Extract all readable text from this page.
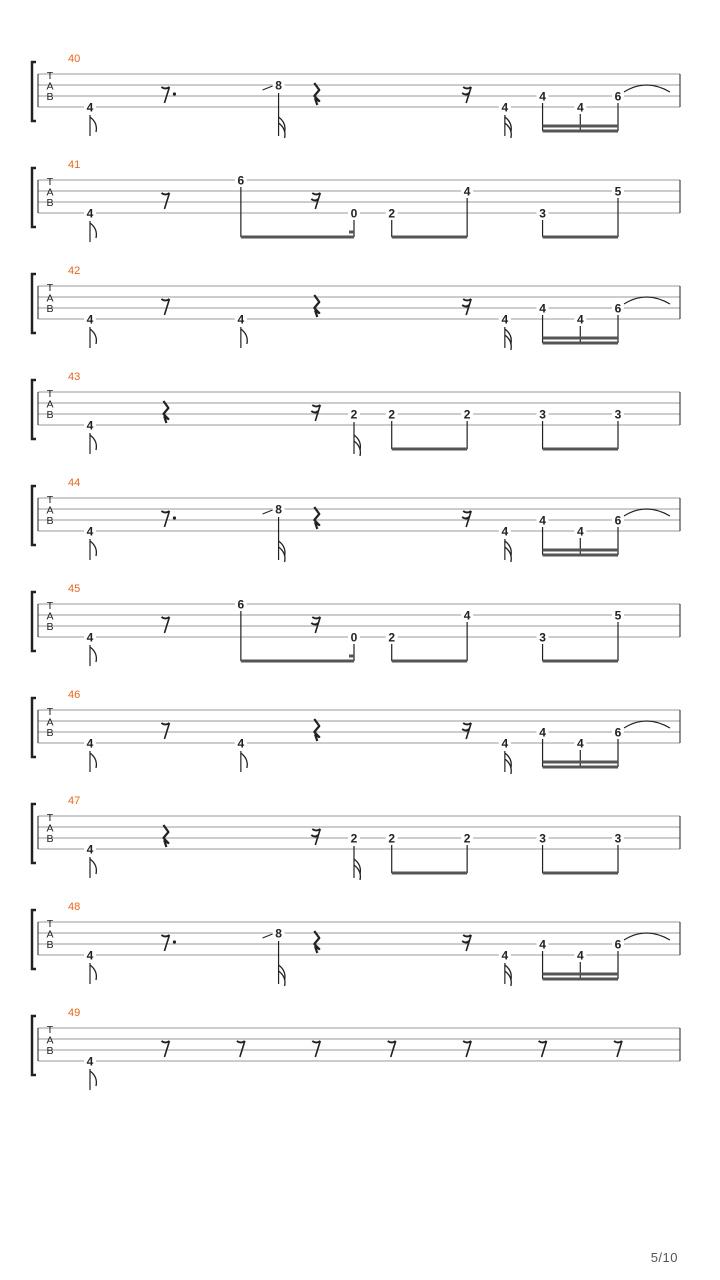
T
A
B
40
4
8
4
4
4
6
T
A
B
41
4
6
0	2
4
3
5
T
A
B
42
4	4	4
4
4
6
T
A
B
43
4
2	2	2	3	3
T
A
B
44
4
8
4
4
4
6
T
A
B
45
4
6
0	2
4
3
5
T
A
B
46
4	4	4
4
4
6
T
A
B
47
4
2	2	2	3	3
T
A
B
48
4
8
4
4
4
6
T
A
B
49
4
5/10
